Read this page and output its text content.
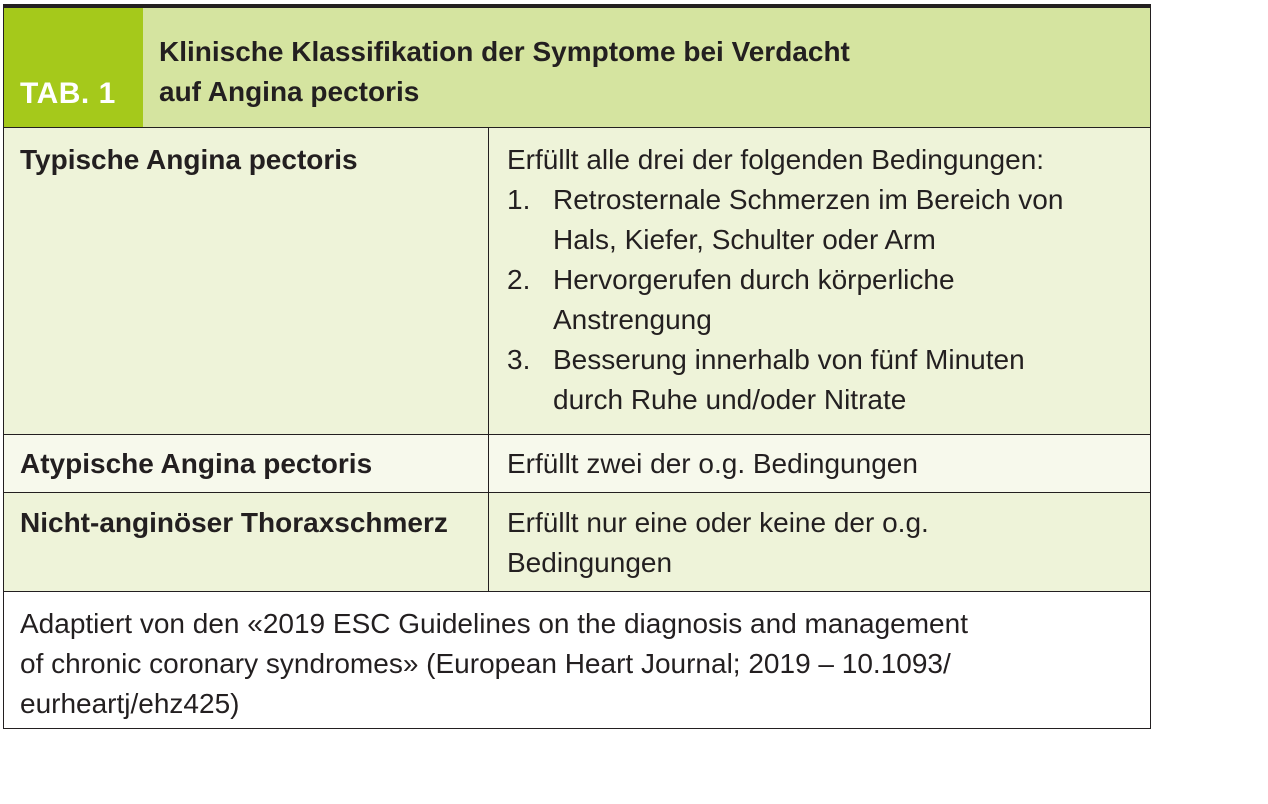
TAB. 1
Klinische Klassifikation der Symptome bei Verdacht
auf Angina pectoris
Typische Angina pectoris	Erfüllt alle drei der folgenden Bedingungen:
1. Retrosternale Schmerzen im Bereich von
Hals, Kiefer, Schulter oder Arm
2. Hervorgerufen durch körperliche
Anstrengung
3. Besserung innerhalb von fünf Minuten
durch Ruhe und/oder Nitrate
Atypische Angina pectoris	Erfüllt zwei der o.g. Bedingungen
Nicht-anginöser Thoraxschmerz	Erfüllt nur eine oder keine der o.g.
Bedingungen
Adaptiert von den «2019 ESC Guidelines on the diagnosis and management
of chronic coronary syndromes» (European Heart Journal; 2019 – 10.1093/
eurheartj/ehz425)
